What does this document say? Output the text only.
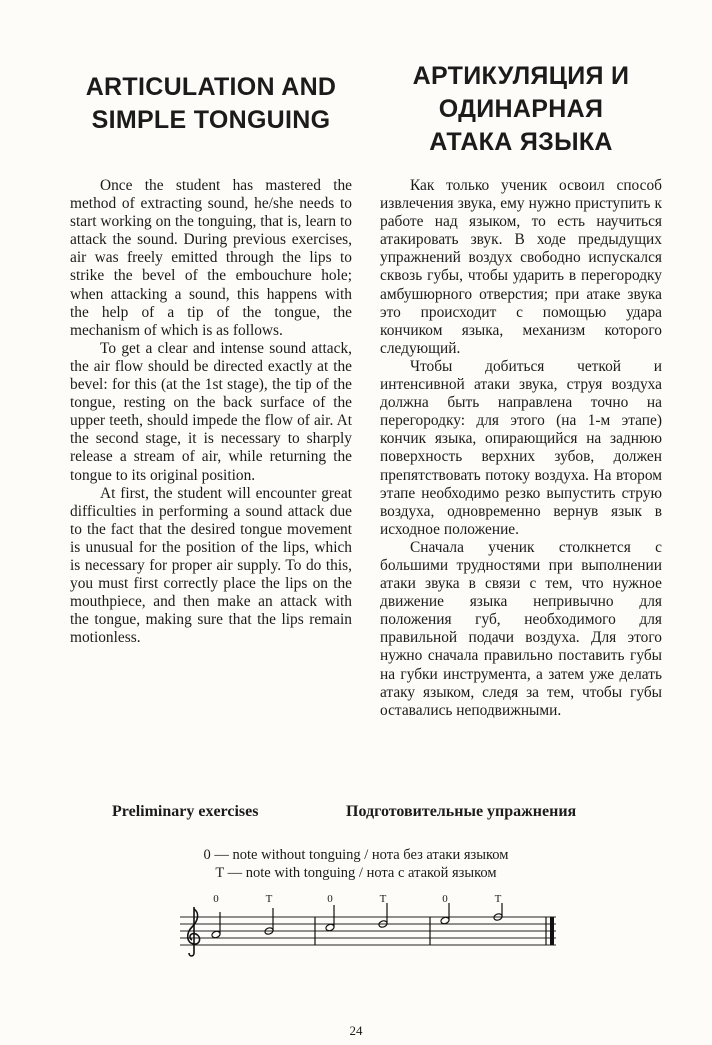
ARTICULATION AND
SIMPLE TONGUING

Once the student has mastered the method of extracting sound, he/she needs to start working on the tonguing, that is, learn to attack the sound. During previous exercises, air was freely emitted through the lips to strike the bevel of the embouchure hole; when attacking a sound, this happens with the help of a tip of the tongue, the mechanism of which is as follows.

To get a clear and intense sound attack, the air flow should be directed exactly at the bevel: for this (at the 1st stage), the tip of the tongue, resting on the back surface of the upper teeth, should impede the flow of air. At the second stage, it is necessary to sharply release a stream of air, while returning the tongue to its original position.

At first, the student will encounter great difficulties in performing a sound attack due to the fact that the desired tongue movement is unusual for the position of the lips, which is necessary for proper air supply. To do this, you must first correctly place the lips on the mouthpiece, and then make an attack with the tongue, making sure that the lips remain motionless.

АРТИКУЛЯЦИЯ И
ОДИНАРНАЯ
АТАКА ЯЗЫКА

Как только ученик освоил способ извлечения звука, ему нужно приступить к работе над языком, то есть научиться атакировать звук. В ходе предыдущих упражнений воздух свободно испускался сквозь губы, чтобы ударить в перегородку амбушюрного отверстия; при атаке звука это происходит с помощью удара кончиком языка, механизм которого следующий.

Чтобы добиться четкой и интенсивной атаки звука, струя воздуха должна быть направлена точно на перегородку: для этого (на 1-м этапе) кончик языка, опирающийся на заднюю поверхность верхних зубов, должен препятствовать потоку воздуха. На втором этапе необходимо резко выпустить струю воздуха, одновременно вернув язык в исходное положение.

Сначала ученик столкнется с большими трудностями при выполнении атаки звука в связи с тем, что нужное движение языка непривычно для положения губ, необходимого для правильной подачи воздуха. Для этого нужно сначала правильно поставить губы на губки инструмента, а затем уже делать атаку языком, следя за тем, чтобы губы оставались неподвижными.

Preliminary exercises	Подготовительные упражнения
0 — note without tonguing / нота без атаки языком
T — note with tonguing / нота с атакой языком
0	T	0	T	0	T
24
